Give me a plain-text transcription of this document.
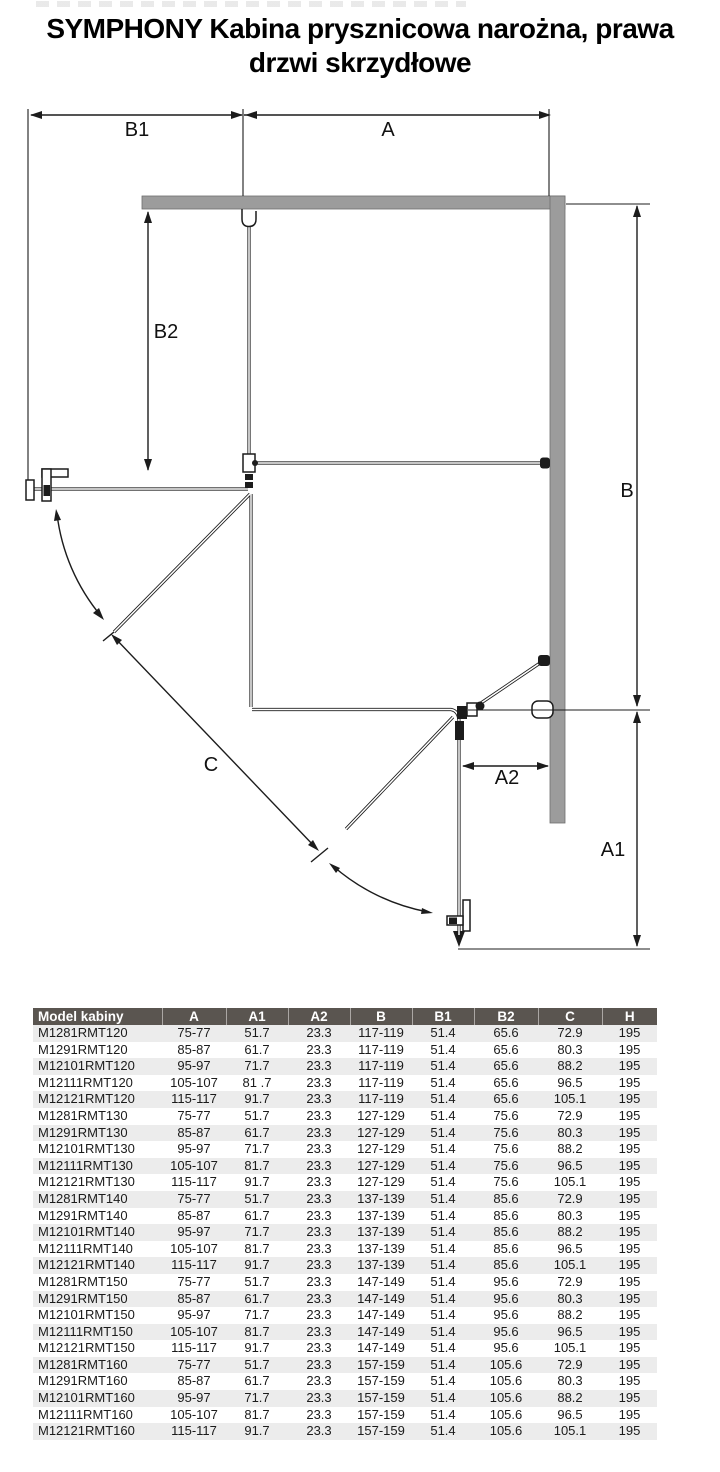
SYMPHONY Kabina prysznicowa narożna, prawa
drzwi skrzydłowe
B1	A
B2
B
C
A2
A1
Model kabiny	A	A1	A2	B	B1	B2	C	H
M1281RMT120	75-77	51.7	23.3	117-119	51.4	65.6	72.9	195
M1291RMT120	85-87	61.7	23.3	117-119	51.4	65.6	80.3	195
M12101RMT120	95-97	71.7	23.3	117-119	51.4	65.6	88.2	195
M12111RMT120	105-107	81 .7	23.3	117-119	51.4	65.6	96.5	195
M12121RMT120	115-117	91.7	23.3	117-119	51.4	65.6	105.1	195
M1281RMT130	75-77	51.7	23.3	127-129	51.4	75.6	72.9	195
M1291RMT130	85-87	61.7	23.3	127-129	51.4	75.6	80.3	195
M12101RMT130	95-97	71.7	23.3	127-129	51.4	75.6	88.2	195
M12111RMT130	105-107	81.7	23.3	127-129	51.4	75.6	96.5	195
M12121RMT130	115-117	91.7	23.3	127-129	51.4	75.6	105.1	195
M1281RMT140	75-77	51.7	23.3	137-139	51.4	85.6	72.9	195
M1291RMT140	85-87	61.7	23.3	137-139	51.4	85.6	80.3	195
M12101RMT140	95-97	71.7	23.3	137-139	51.4	85.6	88.2	195
M12111RMT140	105-107	81.7	23.3	137-139	51.4	85.6	96.5	195
M12121RMT140	115-117	91.7	23.3	137-139	51.4	85.6	105.1	195
M1281RMT150	75-77	51.7	23.3	147-149	51.4	95.6	72.9	195
M1291RMT150	85-87	61.7	23.3	147-149	51.4	95.6	80.3	195
M12101RMT150	95-97	71.7	23.3	147-149	51.4	95.6	88.2	195
M12111RMT150	105-107	81.7	23.3	147-149	51.4	95.6	96.5	195
M12121RMT150	115-117	91.7	23.3	147-149	51.4	95.6	105.1	195
M1281RMT160	75-77	51.7	23.3	157-159	51.4	105.6	72.9	195
M1291RMT160	85-87	61.7	23.3	157-159	51.4	105.6	80.3	195
M12101RMT160	95-97	71.7	23.3	157-159	51.4	105.6	88.2	195
M12111RMT160	105-107	81.7	23.3	157-159	51.4	105.6	96.5	195
M12121RMT160	115-117	91.7	23.3	157-159	51.4	105.6	105.1	195
